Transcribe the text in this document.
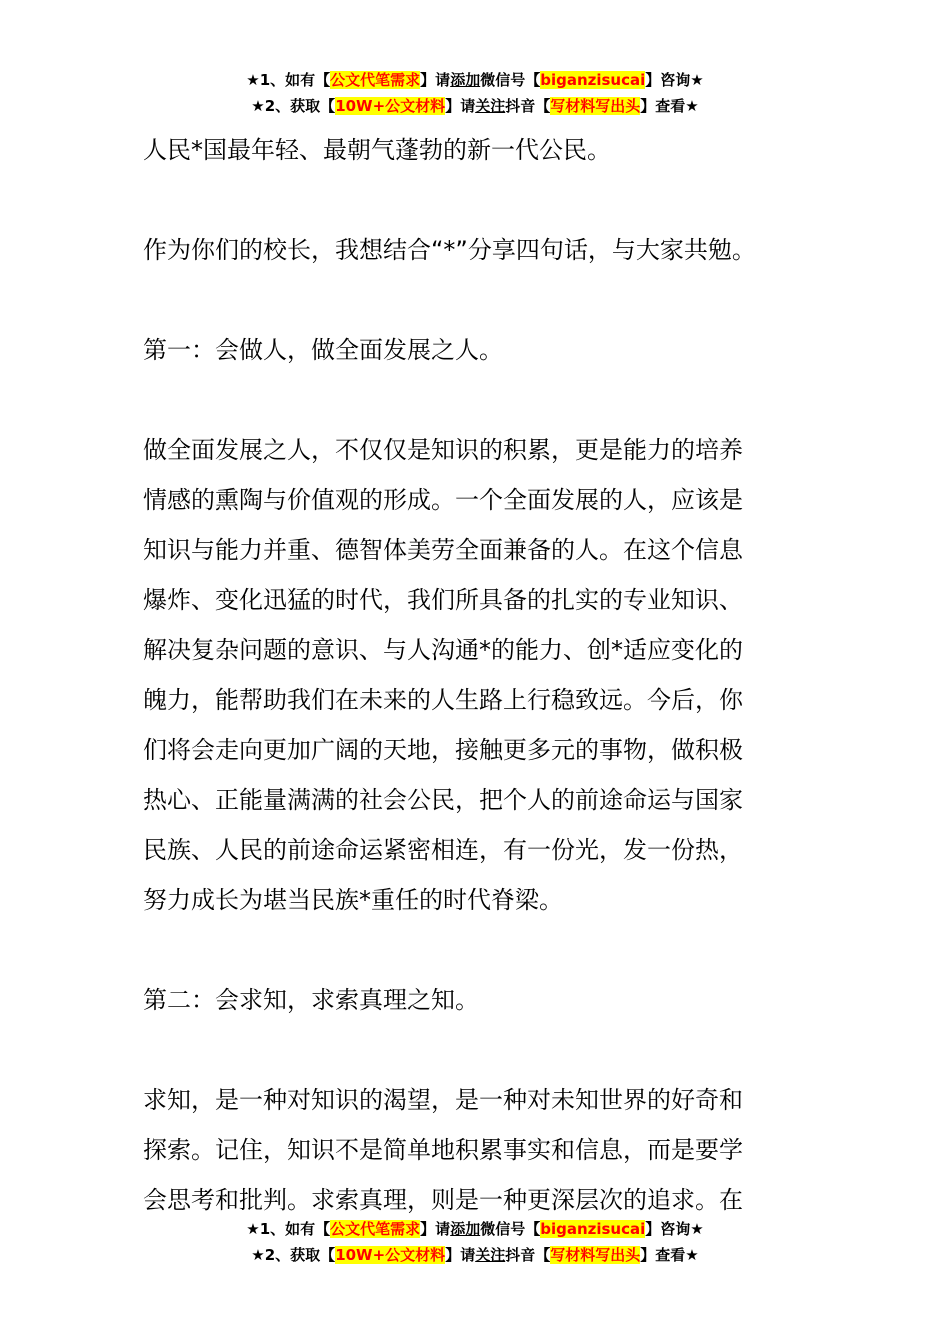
★1、如有【公文代笔需求】请添加微信号【biganzisucai】咨询★
★2、获取【10W+公文材料】请关注抖音【写材料写出头】查看★

人民*国最年轻、最朝气蓬勃的新一代公民。

作为你们的校长，我想结合“*”分享四句话，与大家共勉。

第一：会做人，做全面发展之人。

做全面发展之人，不仅仅是知识的积累，更是能力的培养

情感的熏陶与价值观的形成。一个全面发展的人，应该是

知识与能力并重、德智体美劳全面兼备的人。在这个信息

爆炸、变化迅猛的时代，我们所具备的扎实的专业知识、

解决复杂问题的意识、与人沟通*的能力、创*适应变化的

魄力，能帮助我们在未来的人生路上行稳致远。今后，你

们将会走向更加广阔的天地，接触更多元的事物，做积极

热心、正能量满满的社会公民，把个人的前途命运与国家

民族、人民的前途命运紧密相连，有一份光，发一份热，

努力成长为堪当民族*重任的时代脊梁。

第二：会求知，求索真理之知。

求知，是一种对知识的渴望，是一种对未知世界的好奇和

探索。记住，知识不是简单地积累事实和信息，而是要学

会思考和批判。求索真理，则是一种更深层次的追求。在

★1、如有【公文代笔需求】请添加微信号【biganzisucai】咨询★
★2、获取【10W+公文材料】请关注抖音【写材料写出头】查看★
